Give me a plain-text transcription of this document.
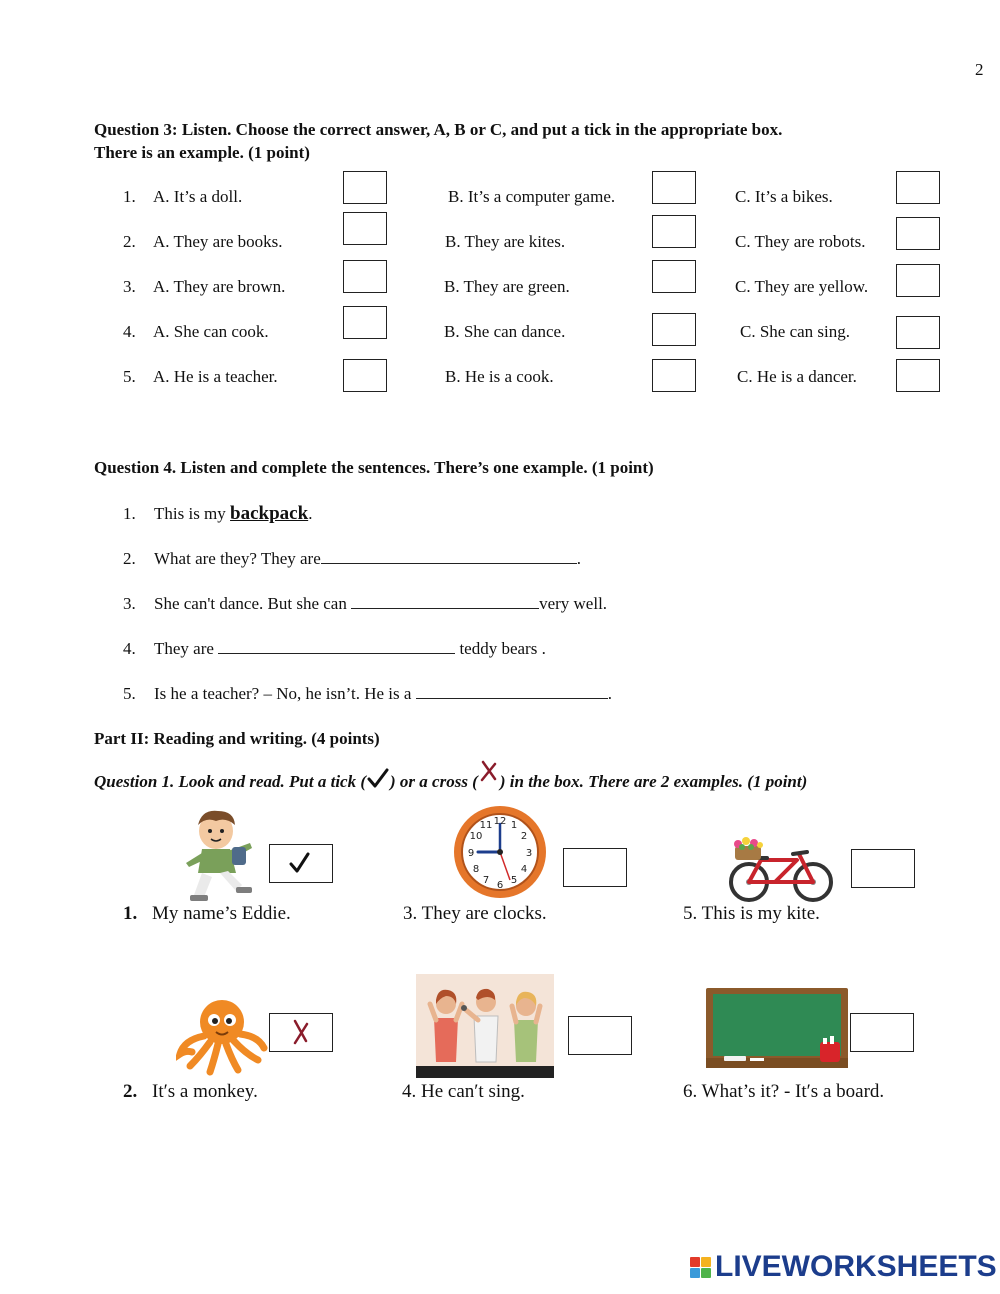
2
Question 3: Listen. Choose the correct answer, A, B or C, and put a tick in the appropriate box.
There is an example. (1 point)
1. A. It’s a doll.	B. It’s a computer game.	C. It’s a bikes.
2. A. They are books.	B. They are kites.	C. They are robots.
3. A. They are brown.	B. They are green.	C. They are yellow.
4. A. She can cook.	B. She can dance.	C. She can sing.
5. A. He is a teacher.	B. He is a cook.	C. He is a dancer.
Question 4. Listen and complete the sentences. There’s one example. (1 point)
1. This is my backpack.
2. What are they? They are	.
3. She can't dance. But she can	very well.
4. They are	teddy bears .
5. Is he a teacher? – No, he isn’t. He is a	.
Part II: Reading and writing. (4 points)
Question 1. Look and read. Put a tick ( ) or a cross ( ) in the box. There are 2 examples. (1 point)
1. My name’s Eddie.
2. It′s a monkey.
12 1
2
3
4
5
6
7
8
9
10
11
3. They are clocks.
4. He can′t sing.
5. This is my kite.
6. What’s it? - It′s a board.
LIVEWORKSHEETS
